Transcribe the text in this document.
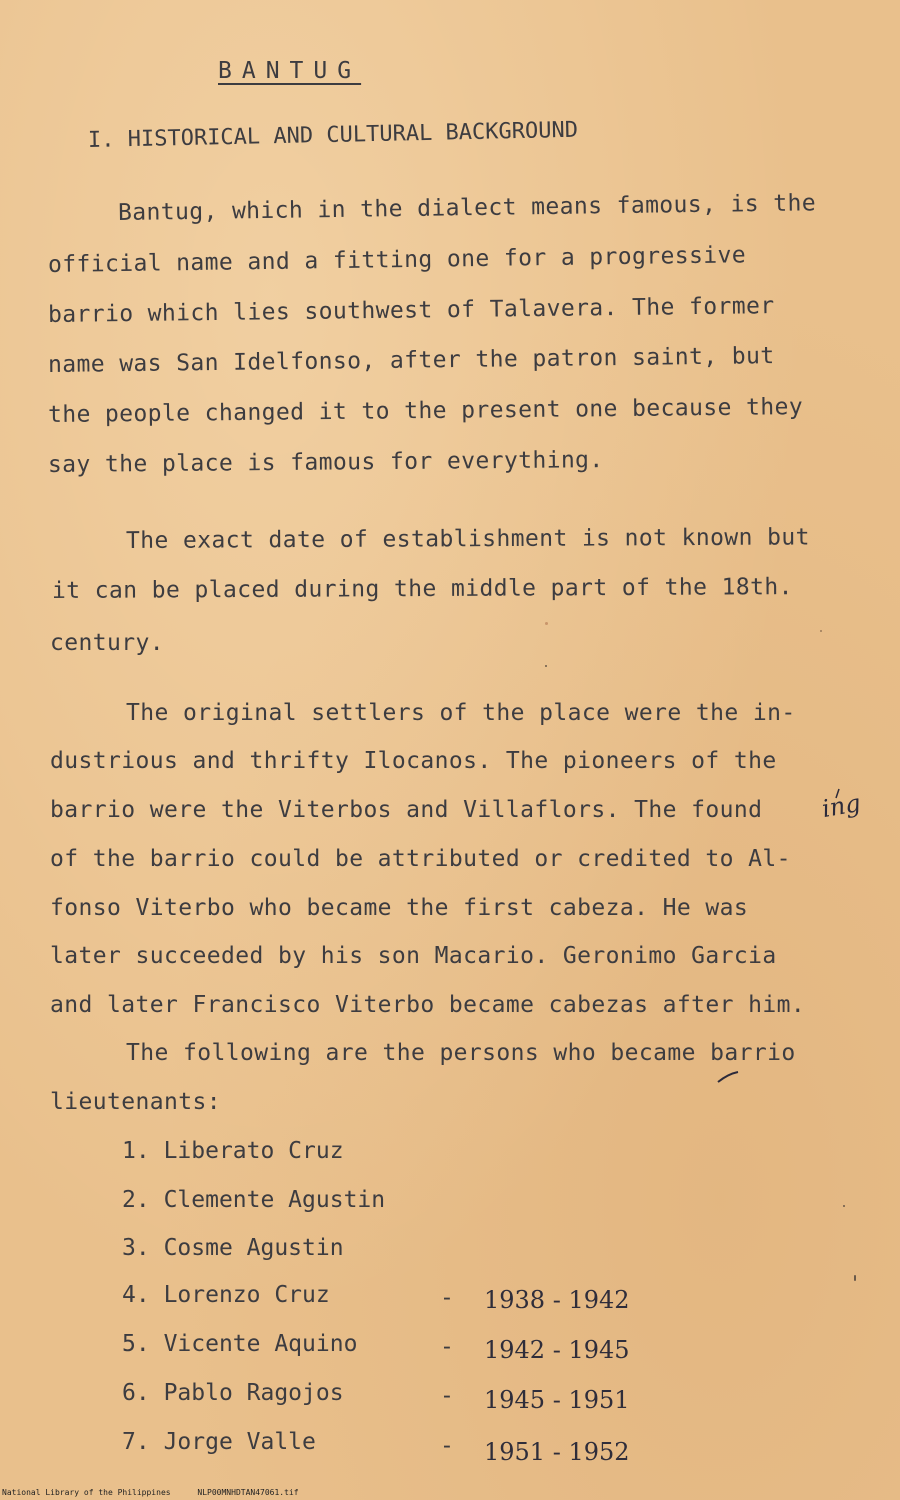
BANTUG
I. HISTORICAL AND CULTURAL BACKGROUND
Bantug, which in the dialect means famous, is the
official name and a fitting one for a progressive
barrio which lies southwest of Talavera. The former
name was San Idelfonso, after the patron saint, but
the people changed it to the present one because they
say the place is famous for everything.
The exact date of establishment is not known but
it can be placed during the middle part of the 18th.
century.
The original settlers of the place were the in-
dustrious and thrifty Ilocanos. The pioneers of the
barrio were the Viterbos and Villaflors. The found
of the barrio could be attributed or credited to Al-
fonso Viterbo who became the first cabeza. He was
later succeeded by his son Macario. Geronimo Garcia
and later Francisco Viterbo became cabezas after him.
ing
The following are the persons who became barrio
lieutenants:
1. Liberato Cruz
2. Clemente Agustin
3. Cosme Agustin
4. Lorenzo Cruz	- 1938 - 1942
5. Vicente Aquino	- 1942 - 1945
6. Pablo Ragojos	- 1945 - 1951
7. Jorge Valle	- 1951 - 1952
National Library of the Philippines	NLP00MNHDTAN47061.tif
